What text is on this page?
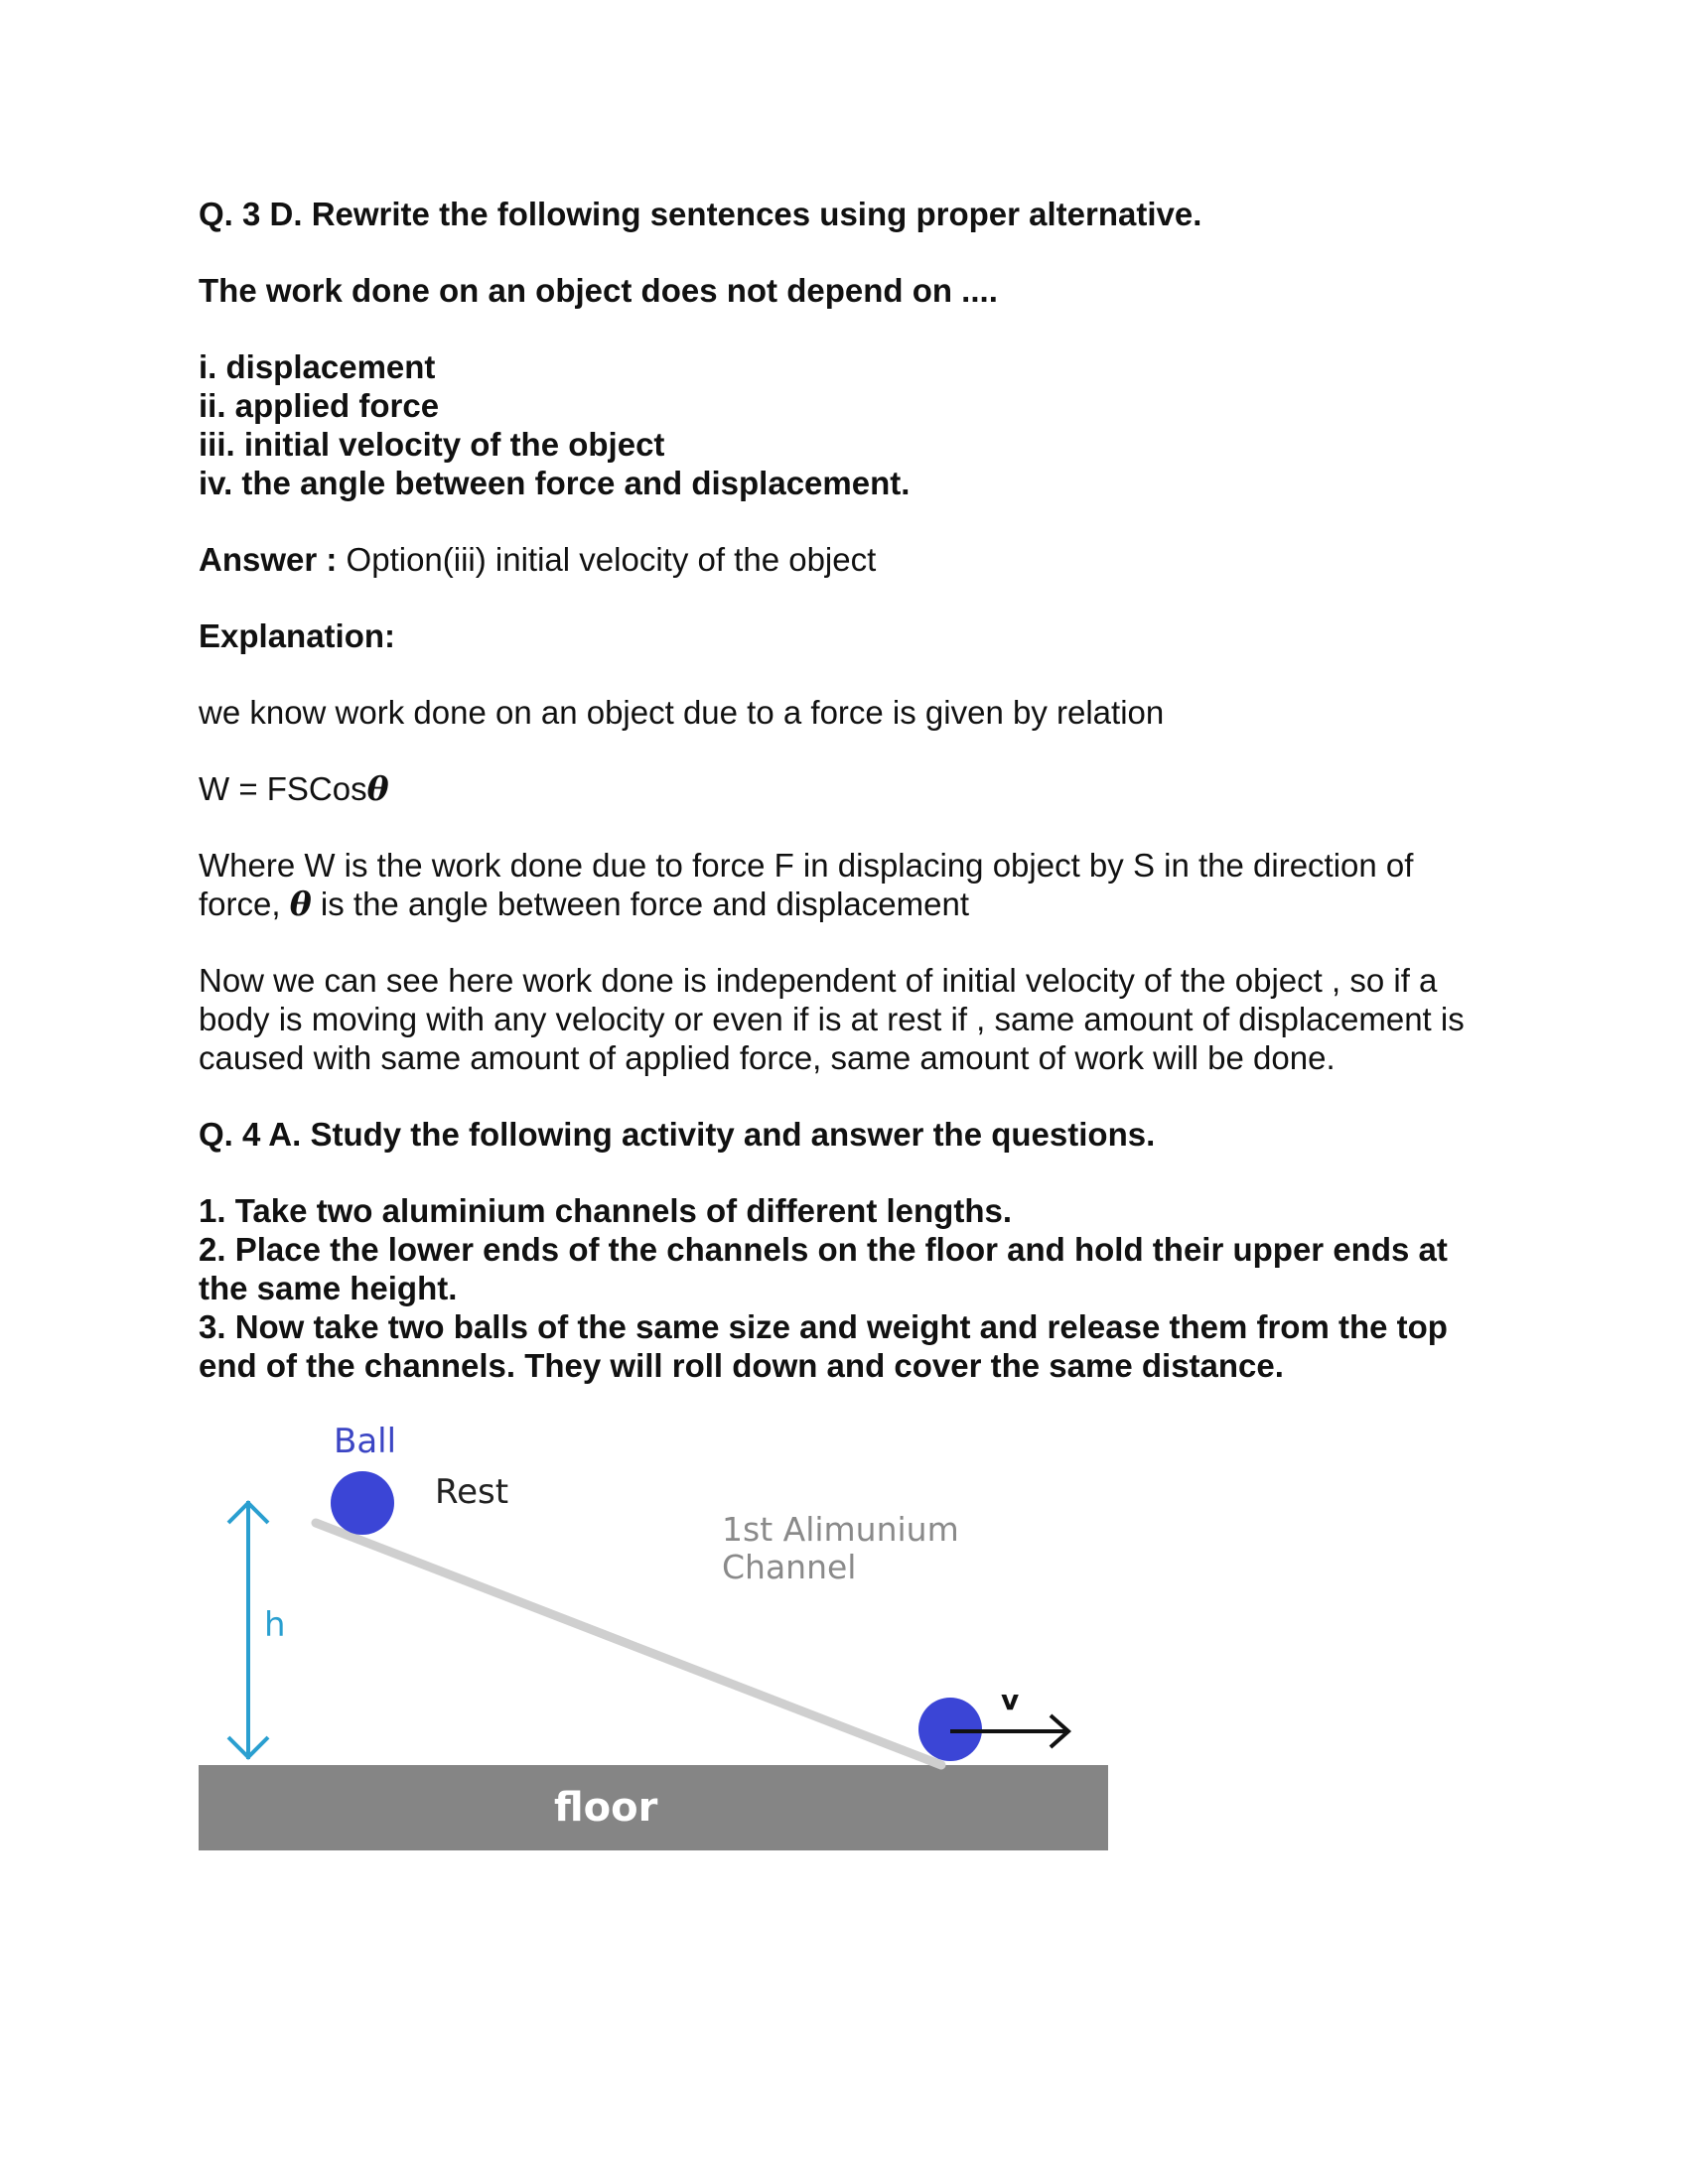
Q. 3 D. Rewrite the following sentences using proper alternative.

The work done on an object does not depend on ....

i. displacement

ii. applied force

iii. initial velocity of the object

iv. the angle between force and displacement.

Answer : Option(iii) initial velocity of the object

Explanation:

we know work done on an object due to a force is given by relation

W = FSCosθ

Where W is the work done due to force F in displacing object by S in the direction of

force, θ is the angle between force and displacement

Now we can see here work done is independent of initial velocity of the object , so if a

body is moving with any velocity or even if is at rest if , same amount of displacement is

caused with same amount of applied force, same amount of work will be done.

Q. 4 A. Study the following activity and answer the questions.

1. Take two aluminium channels of different lengths.

2. Place the lower ends of the channels on the floor and hold their upper ends at

the same height.

3. Now take two balls of the same size and weight and release them from the top

end of the channels. They will roll down and cover the same distance.

floor
h
Ball
Rest
1st Alimunium
Channel
v
